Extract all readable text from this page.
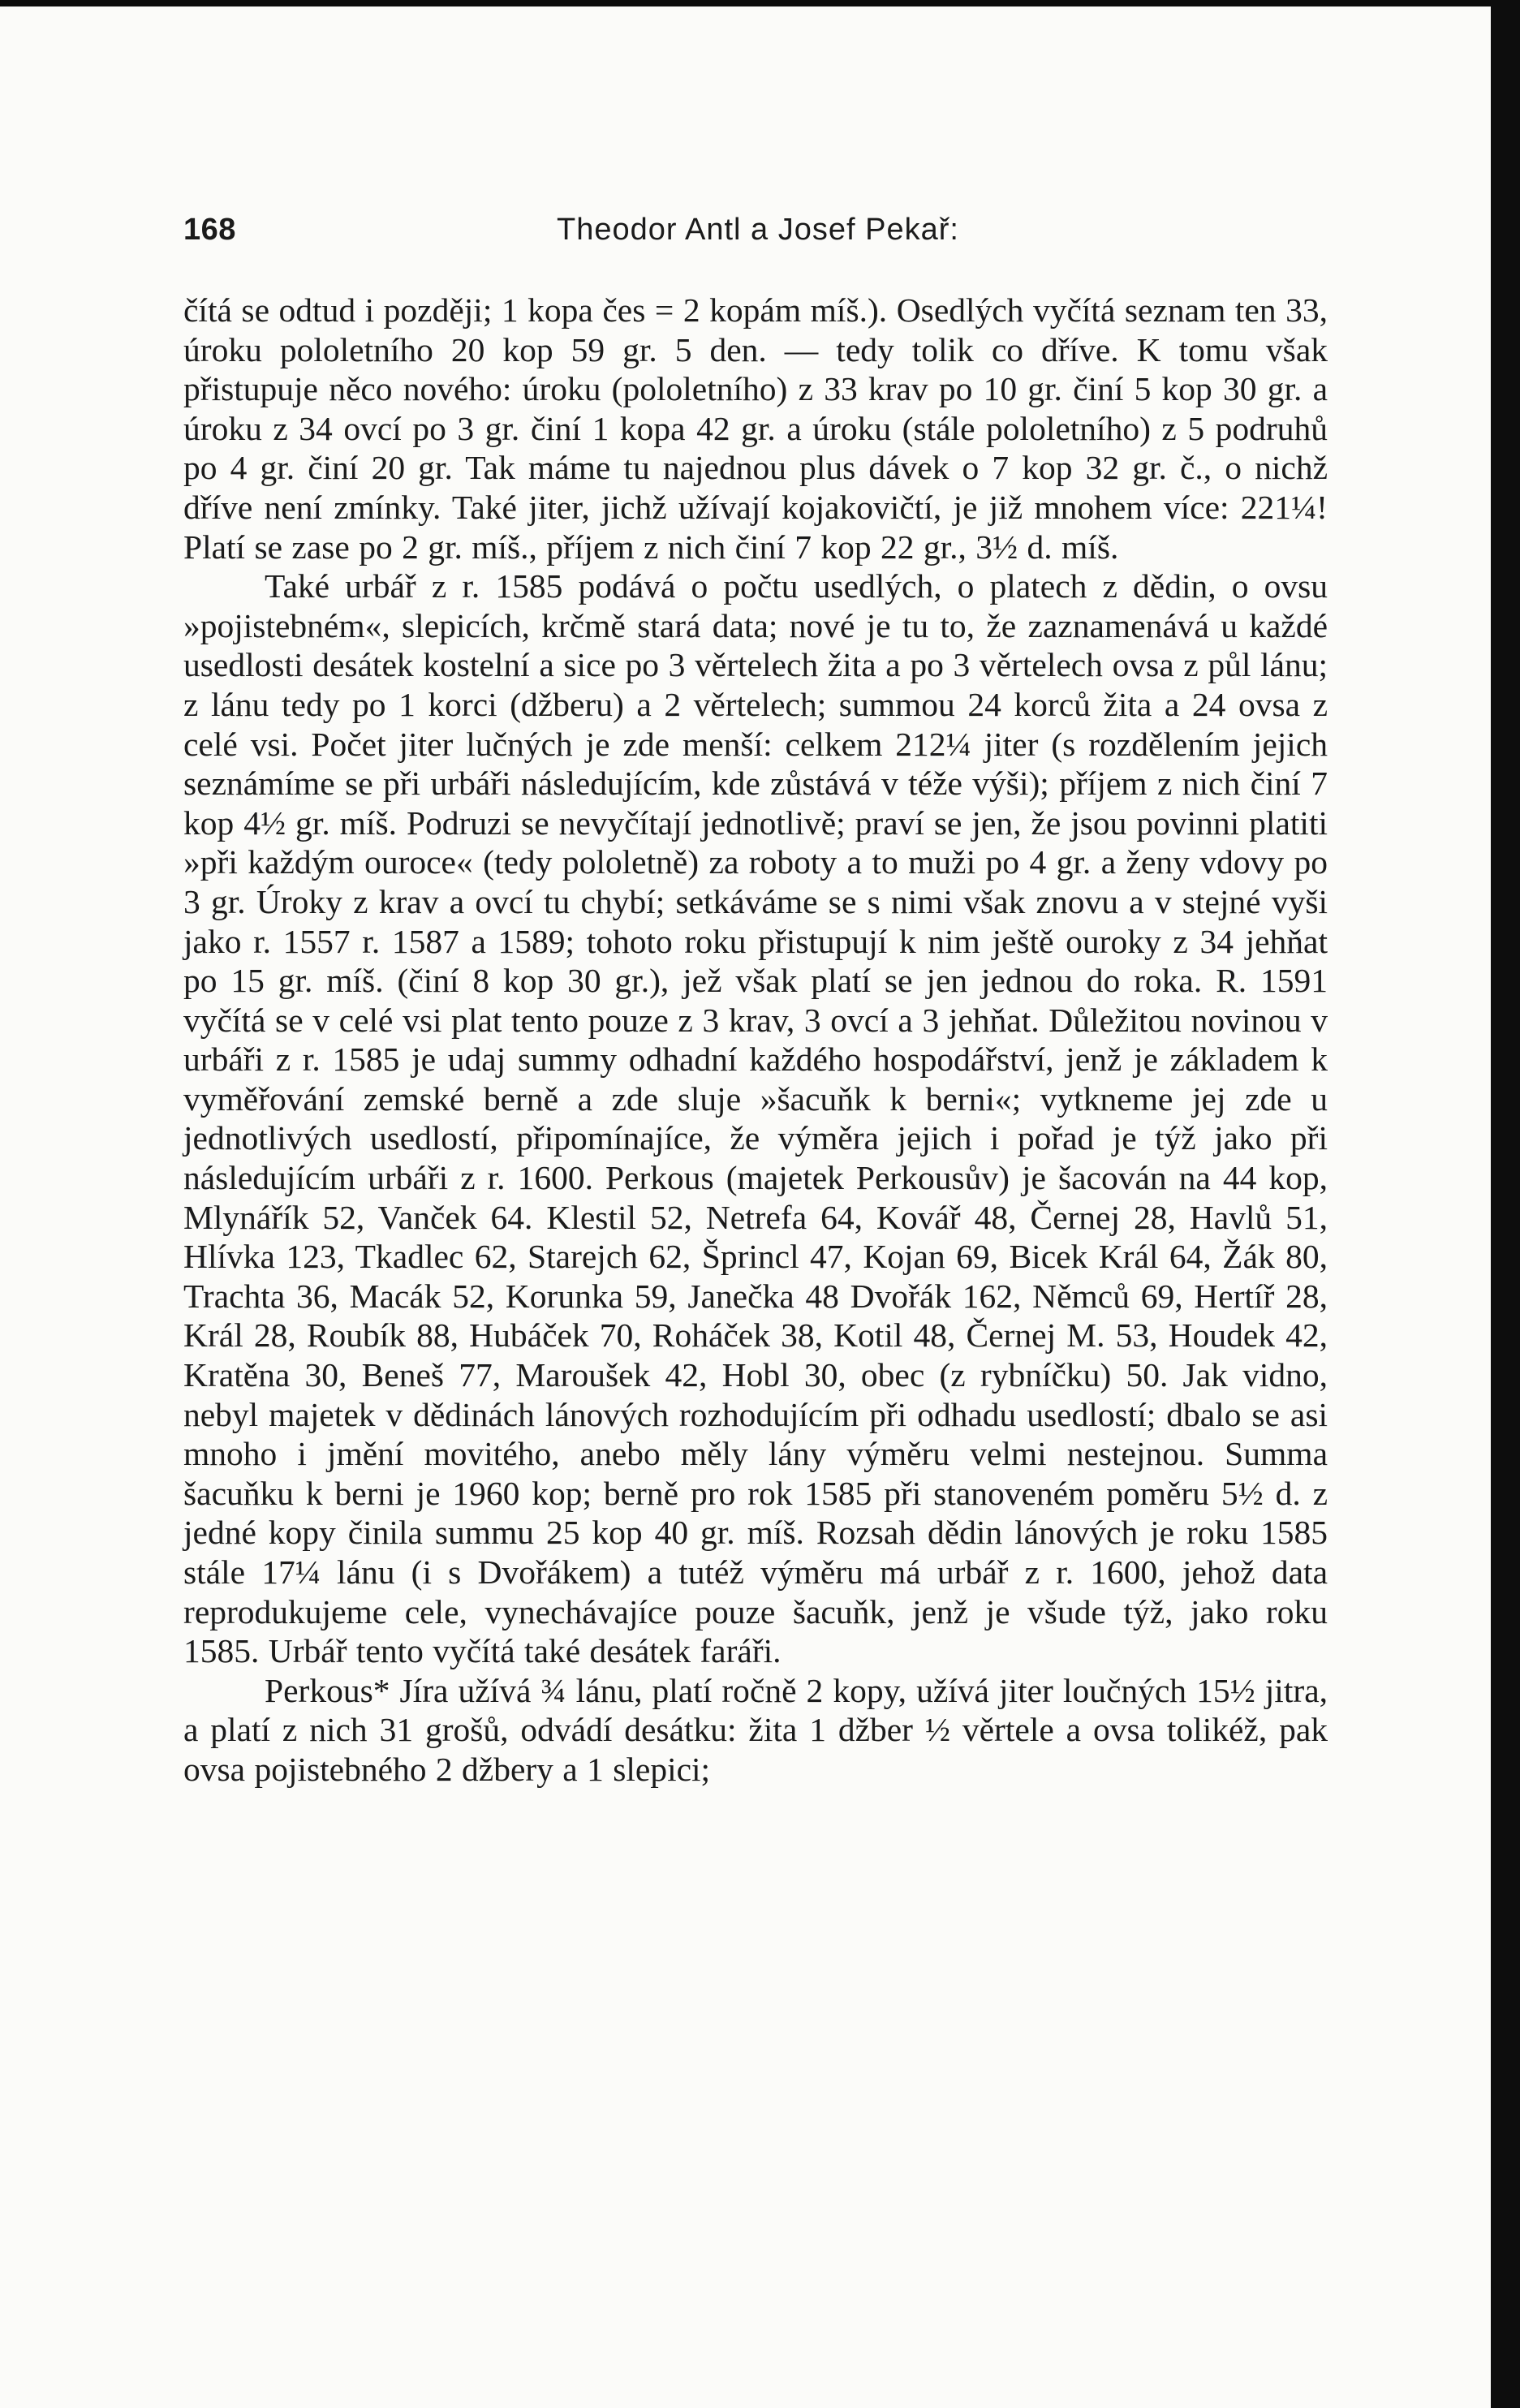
168	Theodor Antl a Josef Pekař:

čítá se odtud i později; 1 kopa čes = 2 kopám míš.). Osedlých vyčítá seznam ten 33, úroku pololetního 20 kop 59 gr. 5 den. — tedy tolik co dříve. K tomu však přistupuje něco nového: úroku (pololetního) z 33 krav po 10 gr. činí 5 kop 30 gr. a úroku z 34 ovcí po 3 gr. činí 1 kopa 42 gr. a úroku (stále pololetního) z 5 podruhů po 4 gr. činí 20 gr. Tak máme tu najednou plus dávek o 7 kop 32 gr. č., o nichž dříve není zmínky. Také jiter, jichž užívají kojakovičtí, je již mnohem více: 221¼! Platí se zase po 2 gr. míš., příjem z nich činí 7 kop 22 gr., 3½ d. míš.

Také urbář z r. 1585 podává o počtu usedlých, o platech z dědin, o ovsu »pojistebném«, slepicích, krčmě stará data; nové je tu to, že zaznamenává u každé usedlosti desátek kostelní a sice po 3 věrtelech žita a po 3 věrtelech ovsa z půl lánu; z lánu tedy po 1 korci (džberu) a 2 věrtelech; summou 24 korců žita a 24 ovsa z celé vsi. Počet jiter lučných je zde menší: celkem 212¼ jiter (s rozdělením jejich seznámíme se při urbáři následujícím, kde zůstává v téže výši); příjem z nich činí 7 kop 4½ gr. míš. Podruzi se nevyčítají jednotlivě; praví se jen, že jsou povinni platiti »při každým ouroce« (tedy pololetně) za roboty a to muži po 4 gr. a ženy vdovy po 3 gr. Úroky z krav a ovcí tu chybí; setkáváme se s nimi však znovu a v stejné vyši jako r. 1557 r. 1587 a 1589; tohoto roku přistupují k nim ještě ouroky z 34 jehňat po 15 gr. míš. (činí 8 kop 30 gr.), jež však platí se jen jednou do roka. R. 1591 vyčítá se v celé vsi plat tento pouze z 3 krav, 3 ovcí a 3 jehňat. Důležitou novinou v urbáři z r. 1585 je udaj summy odhadní každého hospodářství, jenž je základem k vyměřování zemské berně a zde sluje »šacuňk k berni«; vytkneme jej zde u jednotlivých usedlostí, připomínajíce, že výměra jejich i pořad je týž jako při následujícím urbáři z r. 1600. Perkous (majetek Perkousův) je šacován na 44 kop, Mlynářík 52, Vanček 64. Klestil 52, Netrefa 64, Kovář 48, Černej 28, Havlů 51, Hlívka 123, Tkadlec 62, Starejch 62, Šprincl 47, Kojan 69, Bicek Král 64, Žák 80, Trachta 36, Macák 52, Korunka 59, Janečka 48 Dvořák 162, Němců 69, Hertíř 28, Král 28, Roubík 88, Hubáček 70, Roháček 38, Kotil 48, Černej M. 53, Houdek 42, Kratěna 30, Beneš 77, Maroušek 42, Hobl 30, obec (z rybníčku) 50. Jak vidno, nebyl majetek v dědinách lánových rozhodujícím při odhadu usedlostí; dbalo se asi mnoho i jmění movitého, anebo měly lány výměru velmi nestejnou. Summa šacuňku k berni je 1960 kop; berně pro rok 1585 při stanoveném poměru 5½ d. z jedné kopy činila summu 25 kop 40 gr. míš. Rozsah dědin lánových je roku 1585 stále 17¼ lánu (i s Dvořákem) a tutéž výměru má urbář z r. 1600, jehož data reprodukujeme cele, vynechávajíce pouze šacuňk, jenž je všude týž, jako roku 1585. Urbář tento vyčítá také desátek faráři.

Perkous* Jíra užívá ¾ lánu, platí ročně 2 kopy, užívá jiter loučných 15½ jitra, a platí z nich 31 grošů, odvádí desátku: žita 1 džber ½ věrtele a ovsa tolikéž, pak ovsa pojistebného 2 džbery a 1 slepici;
